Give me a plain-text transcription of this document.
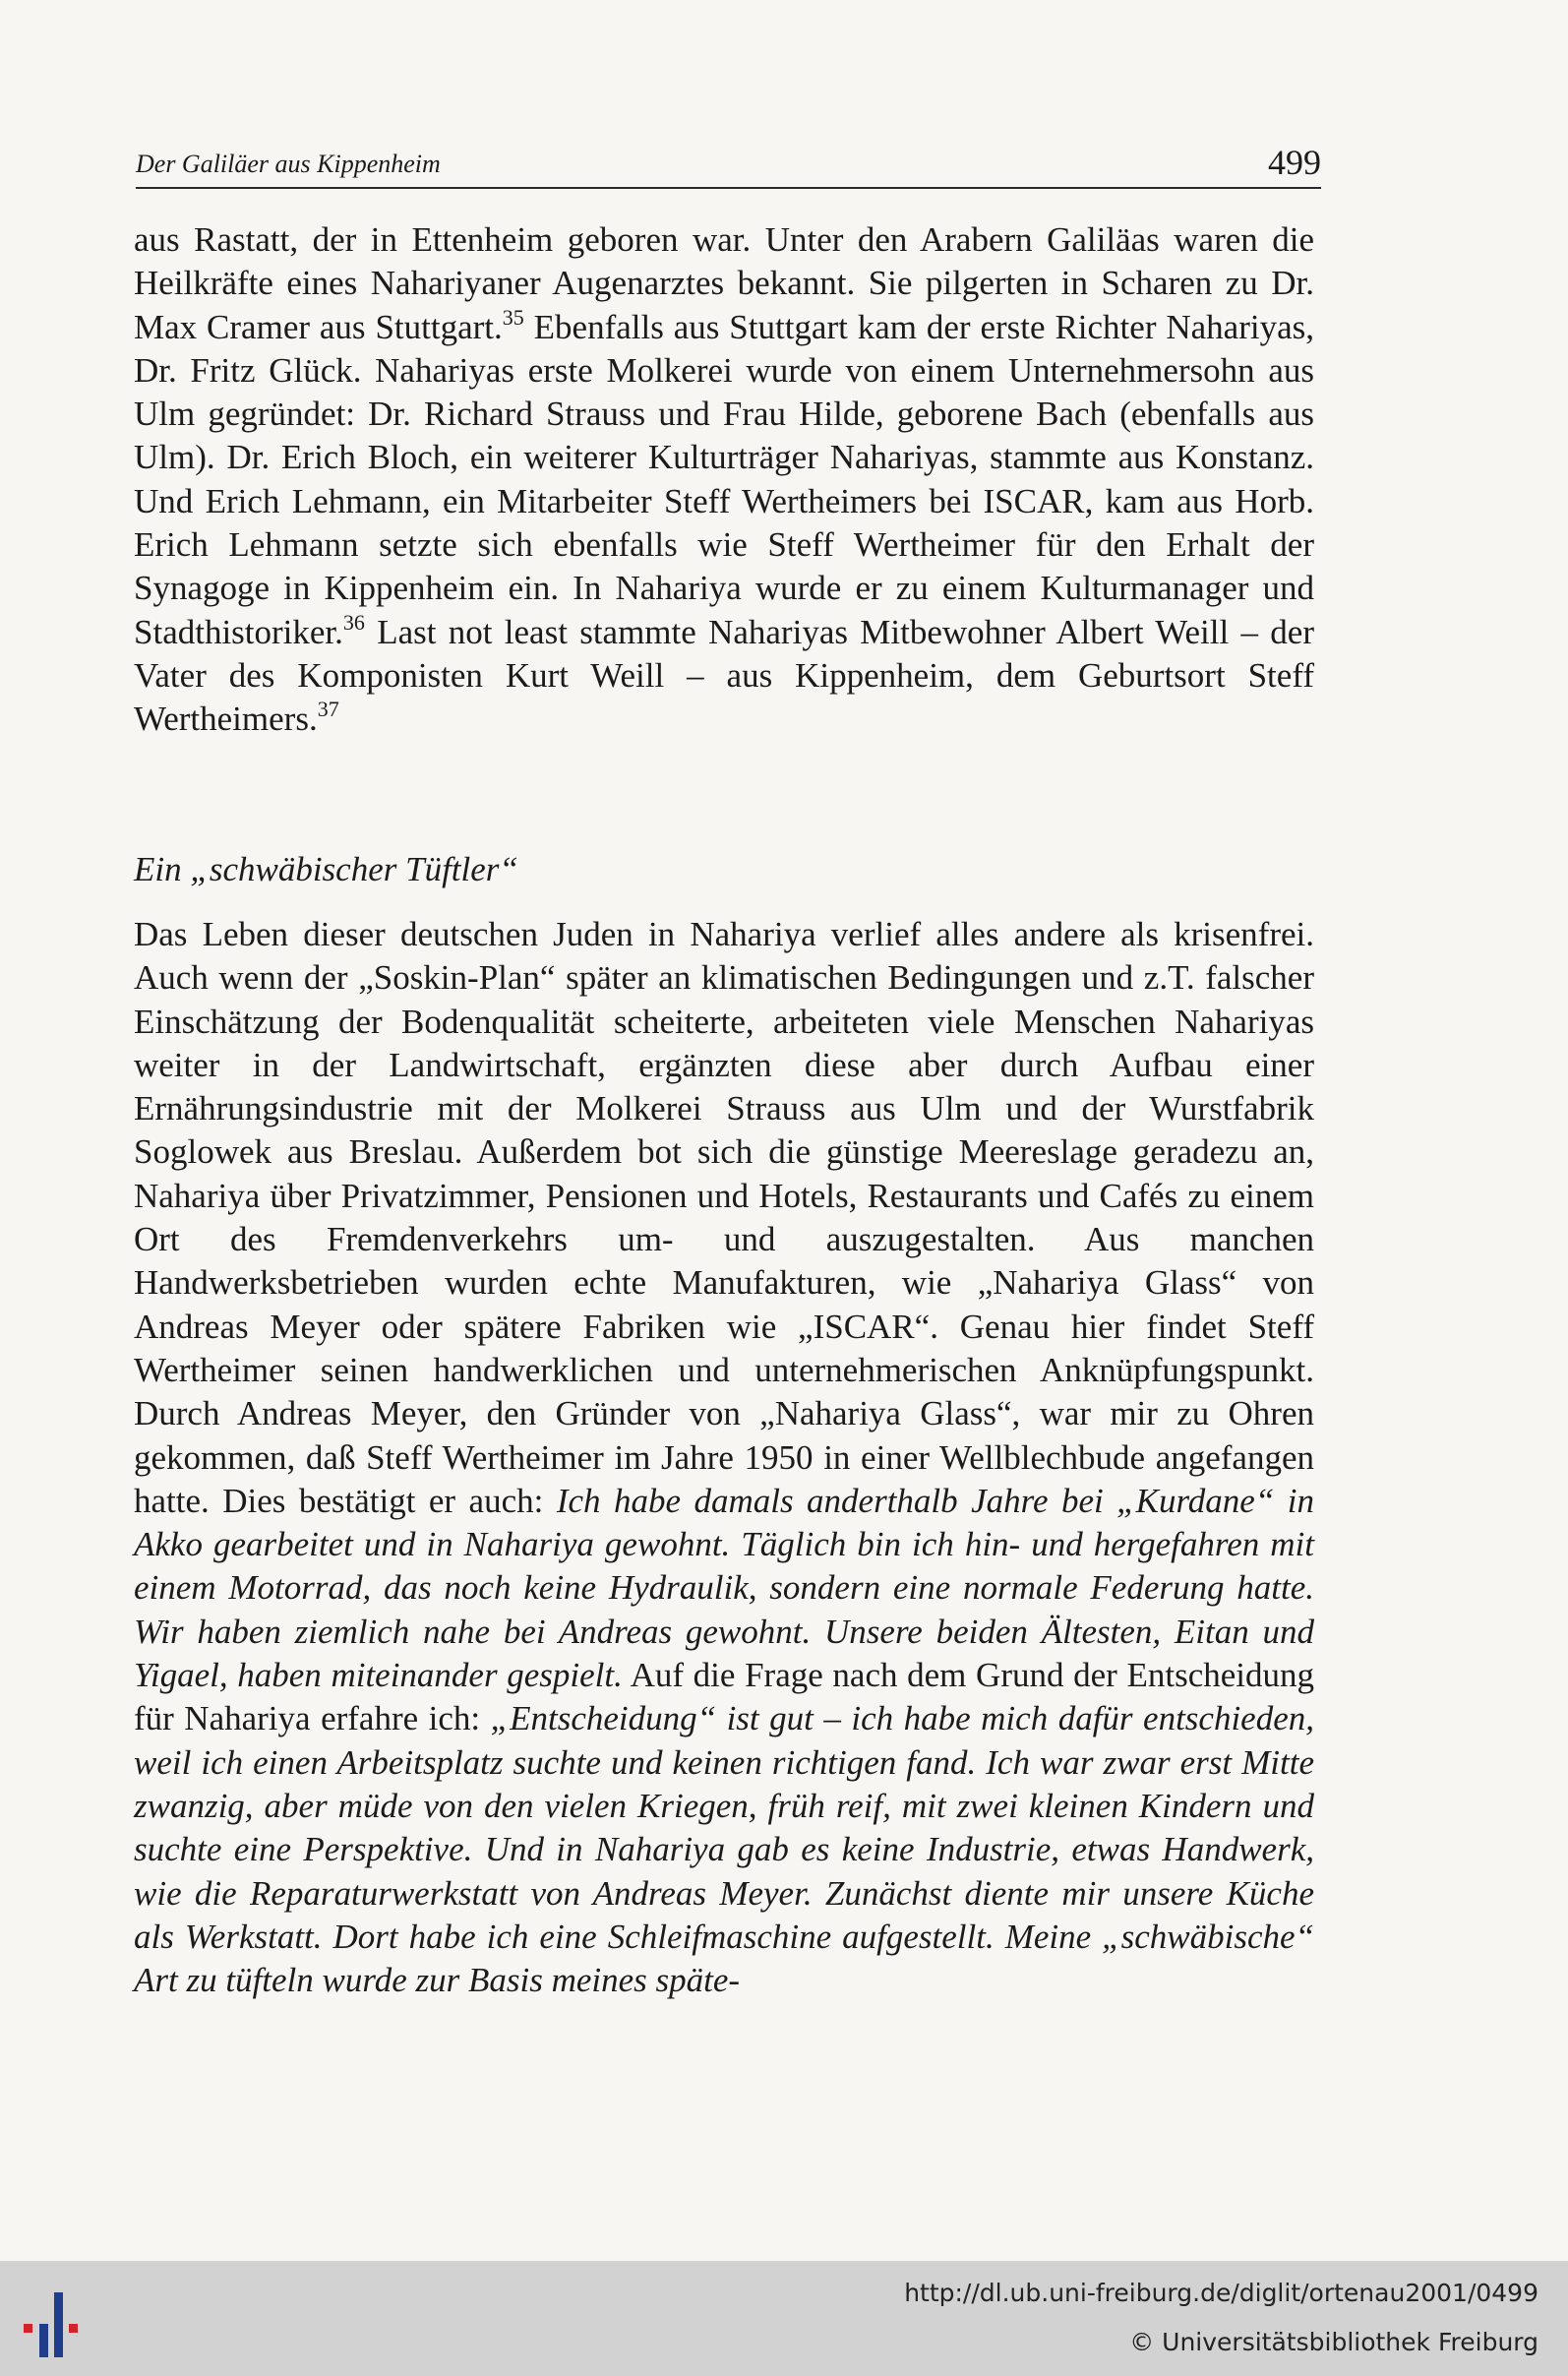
Der Galiläer aus Kippenheim	499

aus Rastatt, der in Ettenheim geboren war. Unter den Arabern Galiläas waren die Heilkräfte eines Nahariyaner Augenarztes bekannt. Sie pilgerten in Scharen zu Dr. Max Cramer aus Stuttgart.$^{35}$ Ebenfalls aus Stuttgart kam der erste Richter Nahariyas, Dr. Fritz Glück. Nahariyas erste Molkerei wurde von einem Unternehmersohn aus Ulm gegründet: Dr. Richard Strauss und Frau Hilde, geborene Bach (ebenfalls aus Ulm). Dr. Erich Bloch, ein weiterer Kulturträger Nahariyas, stammte aus Konstanz. Und Erich Lehmann, ein Mitarbeiter Steff Wertheimers bei ISCAR, kam aus Horb. Erich Lehmann setzte sich ebenfalls wie Steff Wertheimer für den Erhalt der Synagoge in Kippenheim ein. In Nahariya wurde er zu einem Kulturmanager und Stadthistoriker.$^{36}$ Last not least stammte Nahariyas Mitbewohner Albert Weill – der Vater des Komponisten Kurt Weill – aus Kippenheim, dem Geburtsort Steff Wertheimers.$^{37}$

Ein „schwäbischer Tüftler“

Das Leben dieser deutschen Juden in Nahariya verlief alles andere als krisenfrei. Auch wenn der „Soskin-Plan“ später an klimatischen Bedingungen und z.T. falscher Einschätzung der Bodenqualität scheiterte, arbeiteten viele Menschen Nahariyas weiter in der Landwirtschaft, ergänzten diese aber durch Aufbau einer Ernährungsindustrie mit der Molkerei Strauss aus Ulm und der Wurstfabrik Soglowek aus Breslau. Außerdem bot sich die günstige Meereslage geradezu an, Nahariya über Privatzimmer, Pensionen und Hotels, Restaurants und Cafés zu einem Ort des Fremdenverkehrs um- und auszugestalten. Aus manchen Handwerksbetrieben wurden echte Manufakturen, wie „Nahariya Glass“ von Andreas Meyer oder spätere Fabriken wie „ISCAR“. Genau hier findet Steff Wertheimer seinen handwerklichen und unternehmerischen Anknüpfungspunkt. Durch Andreas Meyer, den Gründer von „Nahariya Glass“, war mir zu Ohren gekommen, daß Steff Wertheimer im Jahre 1950 in einer Wellblechbude angefangen hatte. Dies bestätigt er auch: Ich habe damals anderthalb Jahre bei „Kurdane“ in Akko gearbeitet und in Nahariya gewohnt. Täglich bin ich hin- und hergefahren mit einem Motorrad, das noch keine Hydraulik, sondern eine normale Federung hatte. Wir haben ziemlich nahe bei Andreas gewohnt. Unsere beiden Ältesten, Eitan und Yigael, haben miteinander gespielt. Auf die Frage nach dem Grund der Entscheidung für Nahariya erfahre ich: „Entscheidung“ ist gut – ich habe mich dafür entschieden, weil ich einen Arbeitsplatz suchte und keinen richtigen fand. Ich war zwar erst Mitte zwanzig, aber müde von den vielen Kriegen, früh reif, mit zwei kleinen Kindern und suchte eine Perspektive. Und in Nahariya gab es keine Industrie, etwas Handwerk, wie die Reparaturwerkstatt von Andreas Meyer. Zunächst diente mir unsere Küche als Werkstatt. Dort habe ich eine Schleifmaschine aufgestellt. Meine „schwäbische“ Art zu tüfteln wurde zur Basis meines späte-

http://dl.ub.uni-freiburg.de/diglit/ortenau2001/0499
© Universitätsbibliothek Freiburg
